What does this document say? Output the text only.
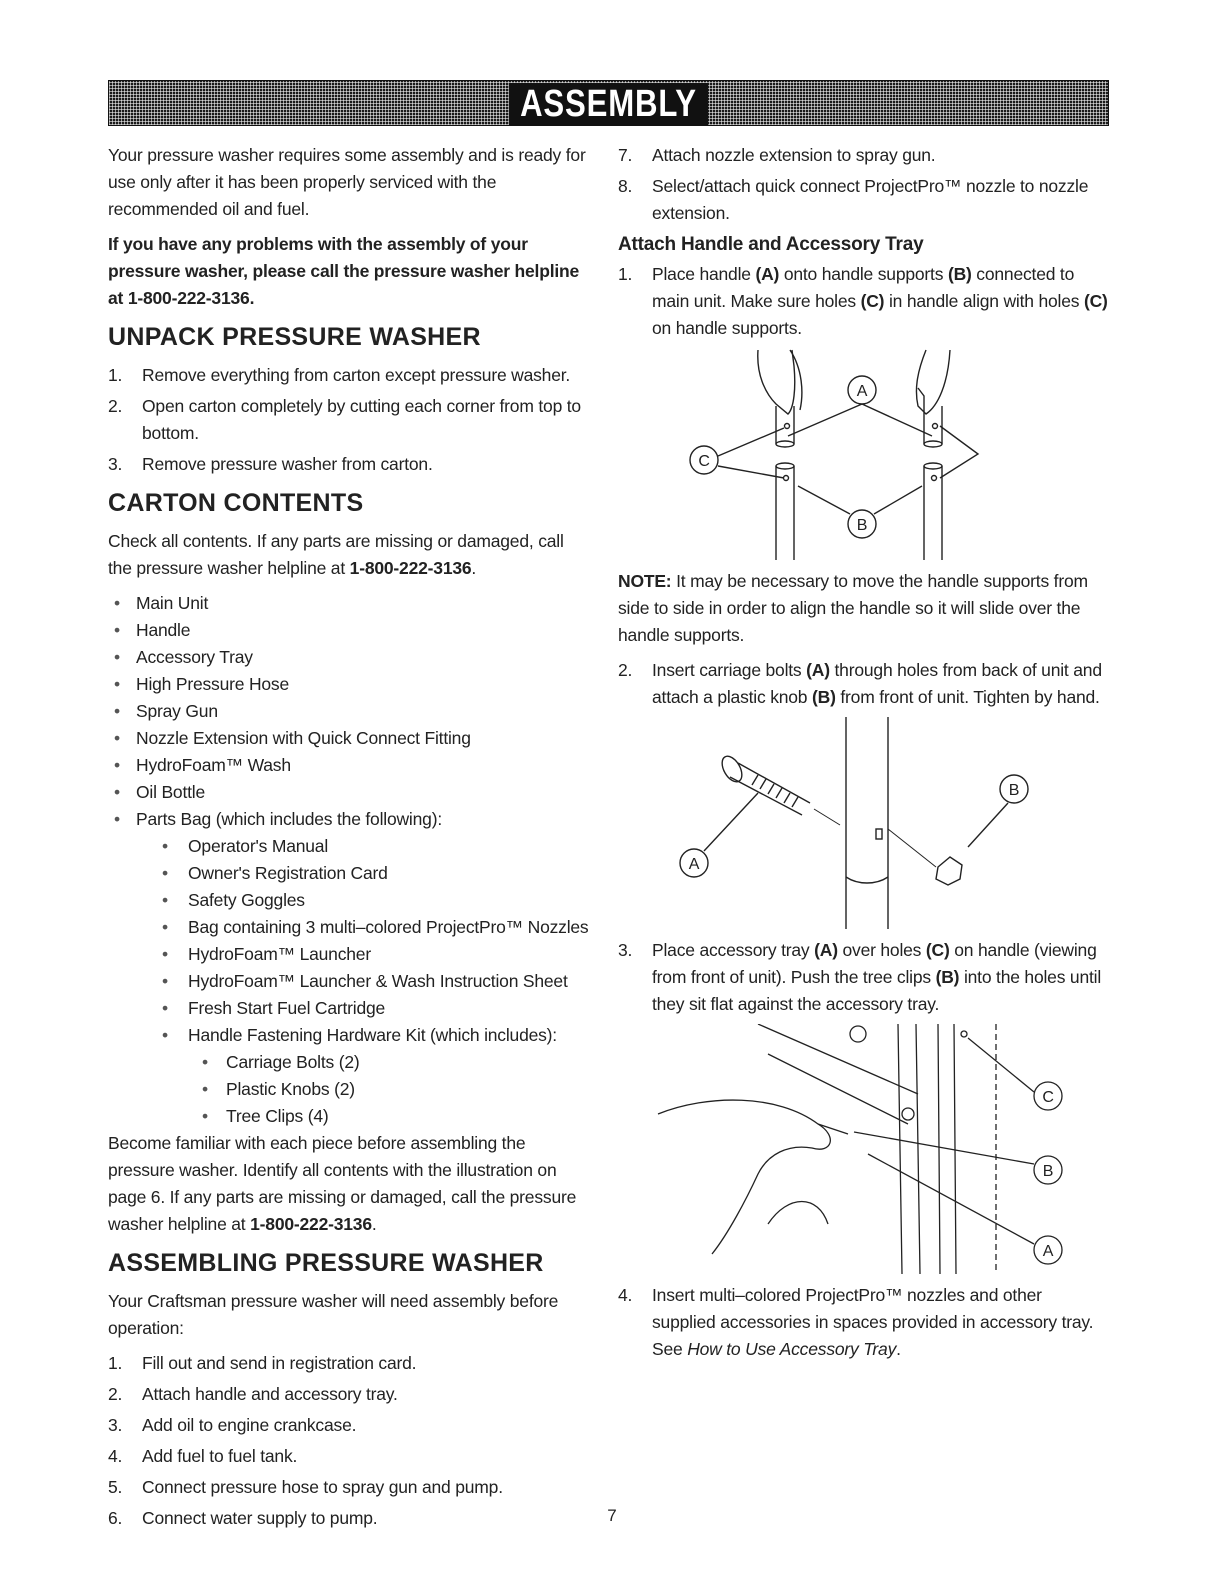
ASSEMBLY

Your pressure washer requires some assembly and is ready for use only after it has been properly serviced with the recommended oil and fuel.

If you have any problems with the assembly of your pressure washer, please call the pressure washer helpline at 1-800-222-3136.

UNPACK PRESSURE WASHER
1. Remove everything from carton except pressure washer.
2. Open carton completely by cutting each corner from top to bottom.
3. Remove pressure washer from carton.
CARTON CONTENTS

Check all contents. If any parts are missing or damaged, call the pressure washer helpline at 1-800-222-3136.

• Main Unit
• Handle
• Accessory Tray
• High Pressure Hose
• Spray Gun
• Nozzle Extension with Quick Connect Fitting
• HydroFoam™ Wash
• Oil Bottle
• Parts Bag (which includes the following):
• Operator's Manual
• Owner's Registration Card
• Safety Goggles
• Bag containing 3 multi–colored ProjectPro™ Nozzles
• HydroFoam™ Launcher
• HydroFoam™ Launcher & Wash Instruction Sheet
• Fresh Start Fuel Cartridge
• Handle Fastening Hardware Kit (which includes):
• Carriage Bolts (2)
• Plastic Knobs (2)
• Tree Clips (4)

Become familiar with each piece before assembling the pressure washer. Identify all contents with the illustration on page 6. If any parts are missing or damaged, call the pressure washer helpline at 1-800-222-3136.

ASSEMBLING PRESSURE WASHER

Your Craftsman pressure washer will need assembly before operation:

1. Fill out and send in registration card.
2. Attach handle and accessory tray.
3. Add oil to engine crankcase.
4. Add fuel to fuel tank.
5. Connect pressure hose to spray gun and pump.
6. Connect water supply to pump.
7. Attach nozzle extension to spray gun.
8. Select/attach quick connect ProjectPro™ nozzle to nozzle extension.
Attach Handle and Accessory Tray
1. Place handle (A) onto handle supports (B) connected to main unit. Make sure holes (C) in handle align with holes (C) on handle supports.
A
C
B

NOTE: It may be necessary to move the handle supports from side to side in order to align the handle so it will slide over the handle supports.

2. Insert carriage bolts (A) through holes from back of unit and attach a plastic knob (B) from front of unit. Tighten by hand.
A
B
3. Place accessory tray (A) over holes (C) on handle (viewing from front of unit). Push the tree clips (B) into the holes until they sit flat against the accessory tray.
C
B
A
4. Insert multi–colored ProjectPro™ nozzles and other supplied accessories in spaces provided in accessory tray. See How to Use Accessory Tray.
7
